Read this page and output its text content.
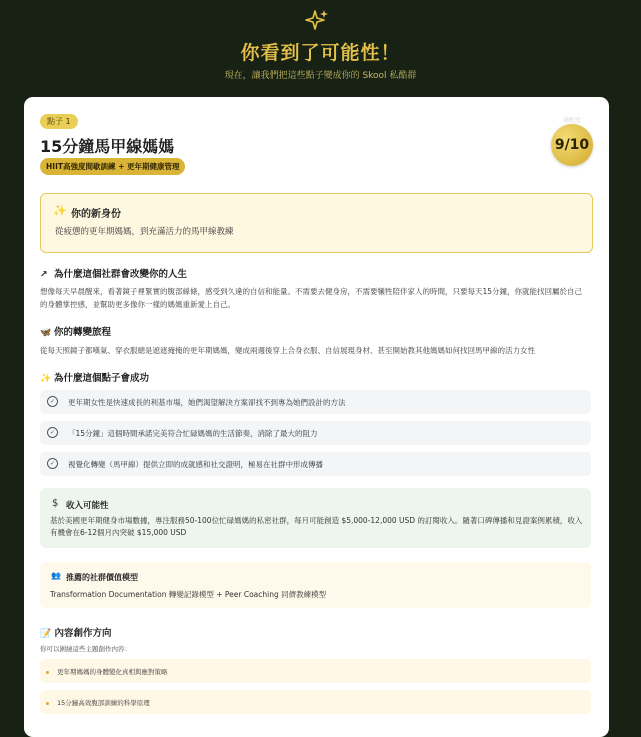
你看到了可能性！
現在，讓我們把這些點子變成你的 Skool 私酷群
點子 1
15分鐘馬甲線媽媽
HIIT高強度間歇訓練 + 更年期健康管理
適配度
9/10
✨ 你的新身份
從疲憊的更年期媽媽，到充滿活力的馬甲線教練
↗ 為什麼這個社群會改變你的人生
想像每天早晨醒來，看著鏡子裡緊實的腹部線條，感受到久違的自信和能量。不需要去健身房，不需要犧牲陪伴家人的時間，只要每天15分鐘，你就能找回屬於自己的身體掌控感，並幫助更多像你一樣的媽媽重新愛上自己。
🦋 你的轉變旅程
從每天照鏡子都嘆氣、穿衣服總是遮遮掩掩的更年期媽媽，變成兩週後穿上合身衣服、自信展現身材、甚至開始教其他媽媽如何找回馬甲線的活力女性
✨ 為什麼這個點子會成功
✓	更年期女性是快速成長的利基市場，她們渴望解決方案卻找不到專為她們設計的方法
✓	「15分鐘」這個時間承諾完美符合忙碌媽媽的生活節奏，消除了最大的阻力
✓	視覺化轉變（馬甲線）提供立即的成就感和社交證明，極易在社群中形成傳播
$ 收入可能性
基於美國更年期健身市場數據，專注服務50-100位忙碌媽媽的私密社群，每月可能創造 $5,000-12,000 USD 的訂閱收入。隨著口碑傳播和見證案例累積，收入有機會在6-12個月內突破 $15,000 USD
👥 推薦的社群價值模型
Transformation Documentation 轉變記錄模型 + Peer Coaching 同儕教練模型
📝 內容創作方向
你可以圍繞這些主題創作內容：
更年期媽媽的身體變化真相與應對策略
15分鐘高效腹部訓練的科學原理
